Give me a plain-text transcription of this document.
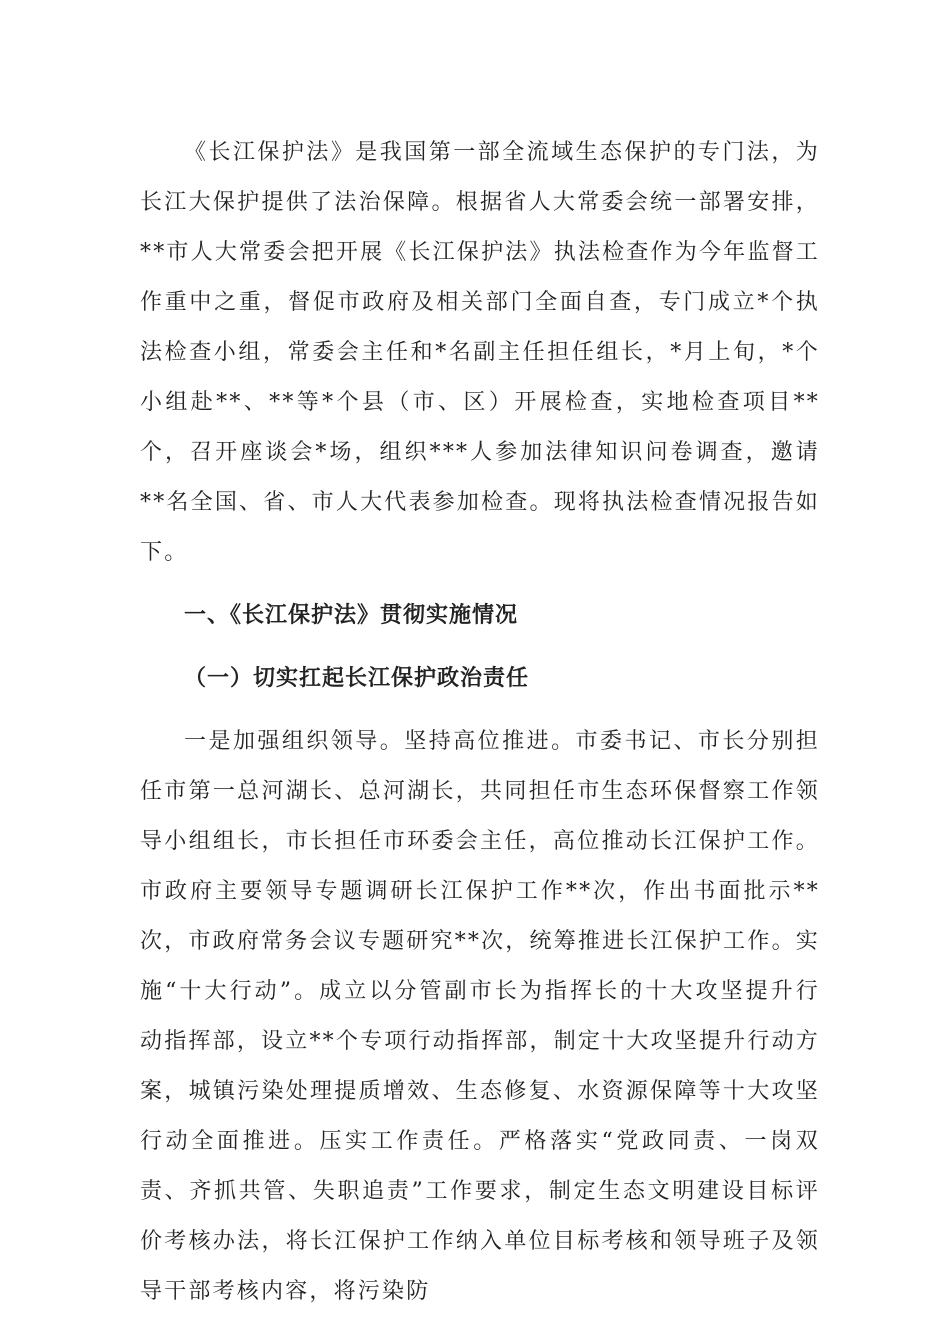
《长江保护法》是我国第一部全流域生态保护的专门法，为长江大保护提供了法治保障。根据省人大常委会统一部署安排，**市人大常委会把开展《长江保护法》执法检查作为今年监督工作重中之重，督促市政府及相关部门全面自查，专门成立*个执法检查小组，常委会主任和*名副主任担任组长，*月上旬，*个小组赴**、**等*个县（市、区）开展检查，实地检查项目**个，召开座谈会*场，组织***人参加法律知识问卷调查，邀请**名全国、省、市人大代表参加检查。现将执法检查情况报告如下。

一、《长江保护法》贯彻实施情况

（一）切实扛起长江保护政治责任

一是加强组织领导。坚持高位推进。市委书记、市长分别担任市第一总河湖长、总河湖长，共同担任市生态环保督察工作领导小组组长，市长担任市环委会主任，高位推动长江保护工作。市政府主要领导专题调研长江保护工作**次，作出书面批示**次，市政府常务会议专题研究**次，统筹推进长江保护工作。实施“十大行动”。成立以分管副市长为指挥长的十大攻坚提升行动指挥部，设立**个专项行动指挥部，制定十大攻坚提升行动方案，城镇污染处理提质增效、生态修复、水资源保障等十大攻坚行动全面推进。压实工作责任。严格落实“党政同责、一岗双责、齐抓共管、失职追责”工作要求，制定生态文明建设目标评价考核办法，将长江保护工作纳入单位目标考核和领导班子及领导干部考核内容，将污染防
